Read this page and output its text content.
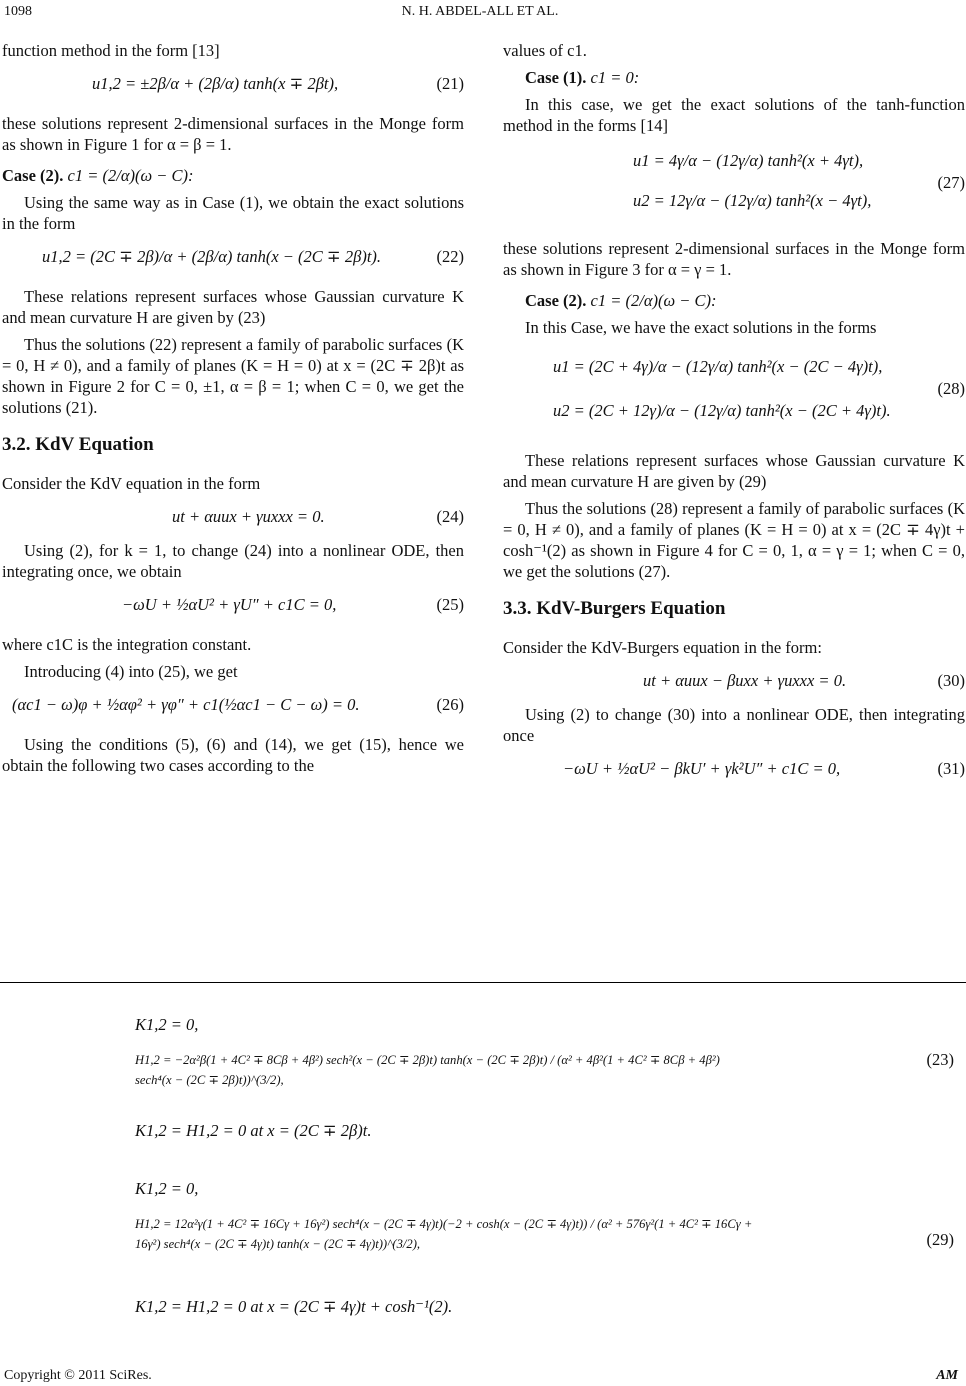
1098	N. H. ABDEL-ALL ET AL.

function method in the form [13]

u1,2 = ±2β/α + (2β/α) tanh(x ∓ 2βt),	(21)

these solutions represent 2-dimensional surfaces in the Monge form as shown in Figure 1 for α = β = 1.

Case (2). c1 = (2/α)(ω − C):

Using the same way as in Case (1), we obtain the exact solutions in the form

u1,2 = (2C ∓ 2β)/α + (2β/α) tanh(x − (2C ∓ 2β)t).	(22)

These relations represent surfaces whose Gaussian curvature K and mean curvature H are given by (23)

Thus the solutions (22) represent a family of parabolic surfaces (K = 0, H ≠ 0), and a family of planes (K = H = 0) at x = (2C ∓ 2β)t as shown in Figure 2 for C = 0, ±1, α = β = 1; when C = 0, we get the solutions (21).

3.2. KdV Equation

Consider the KdV equation in the form

ut + αuux + γuxxx = 0.	(24)

Using (2), for k = 1, to change (24) into a nonlinear ODE, then integrating once, we obtain

−ωU + ½αU² + γU″ + c1C = 0,	(25)

where c1C is the integration constant.

Introducing (4) into (25), we get

(αc1 − ω)φ + ½αφ² + γφ″ + c1(½αc1 − C − ω) = 0.	(26)

Using the conditions (5), (6) and (14), we get (15), hence we obtain the following two cases according to the

values of c1.

Case (1). c1 = 0:

In this case, we get the exact solutions of the tanh-function method in the forms [14]

u1 = 4γ/α − (12γ/α) tanh²(x + 4γt),
u2 = 12γ/α − (12γ/α) tanh²(x − 4γt),
(27)

these solutions represent 2-dimensional surfaces in the Monge form as shown in Figure 3 for α = γ = 1.

Case (2). c1 = (2/α)(ω − C):

In this Case, we have the exact solutions in the forms

u1 = (2C + 4γ)/α − (12γ/α) tanh²(x − (2C − 4γ)t),
u2 = (2C + 12γ)/α − (12γ/α) tanh²(x − (2C + 4γ)t).
(28)

These relations represent surfaces whose Gaussian curvature K and mean curvature H are given by (29)

Thus the solutions (28) represent a family of parabolic surfaces (K = 0, H ≠ 0), and a family of planes (K = H = 0) at x = (2C ∓ 4γ)t + cosh⁻¹(2) as shown in Figure 4 for C = 0, 1, α = γ = 1; when C = 0, we get the solutions (27).

3.3. KdV-Burgers Equation

Consider the KdV-Burgers equation in the form:

ut + αuux − βuxx + γuxxx = 0.	(30)

Using (2) to change (30) into a nonlinear ODE, then integrating once

−ωU + ½αU² − βkU′ + γk²U″ + c1C = 0,	(31)
K1,2 = 0,
H1,2 = −2α²β(1 + 4C² ∓ 8Cβ + 4β²) sech²(x − (2C ∓ 2β)t) tanh(x − (2C ∓ 2β)t) / (α² + 4β²(1 + 4C² ∓ 8Cβ + 4β²) sech⁴(x − (2C ∓ 2β)t))^(3/2),
K1,2 = H1,2 = 0 at x = (2C ∓ 2β)t.
(23)
K1,2 = 0,
H1,2 = 12α²γ(1 + 4C² ∓ 16Cγ + 16γ²) sech⁴(x − (2C ∓ 4γ)t)(−2 + cosh(x − (2C ∓ 4γ)t)) / (α² + 576γ²(1 + 4C² ∓ 16Cγ + 16γ²) sech⁴(x − (2C ∓ 4γ)t) tanh(x − (2C ∓ 4γ)t))^(3/2),
K1,2 = H1,2 = 0 at x = (2C ∓ 4γ)t + cosh⁻¹(2).
(29)
Copyright © 2011 SciRes.	AM
